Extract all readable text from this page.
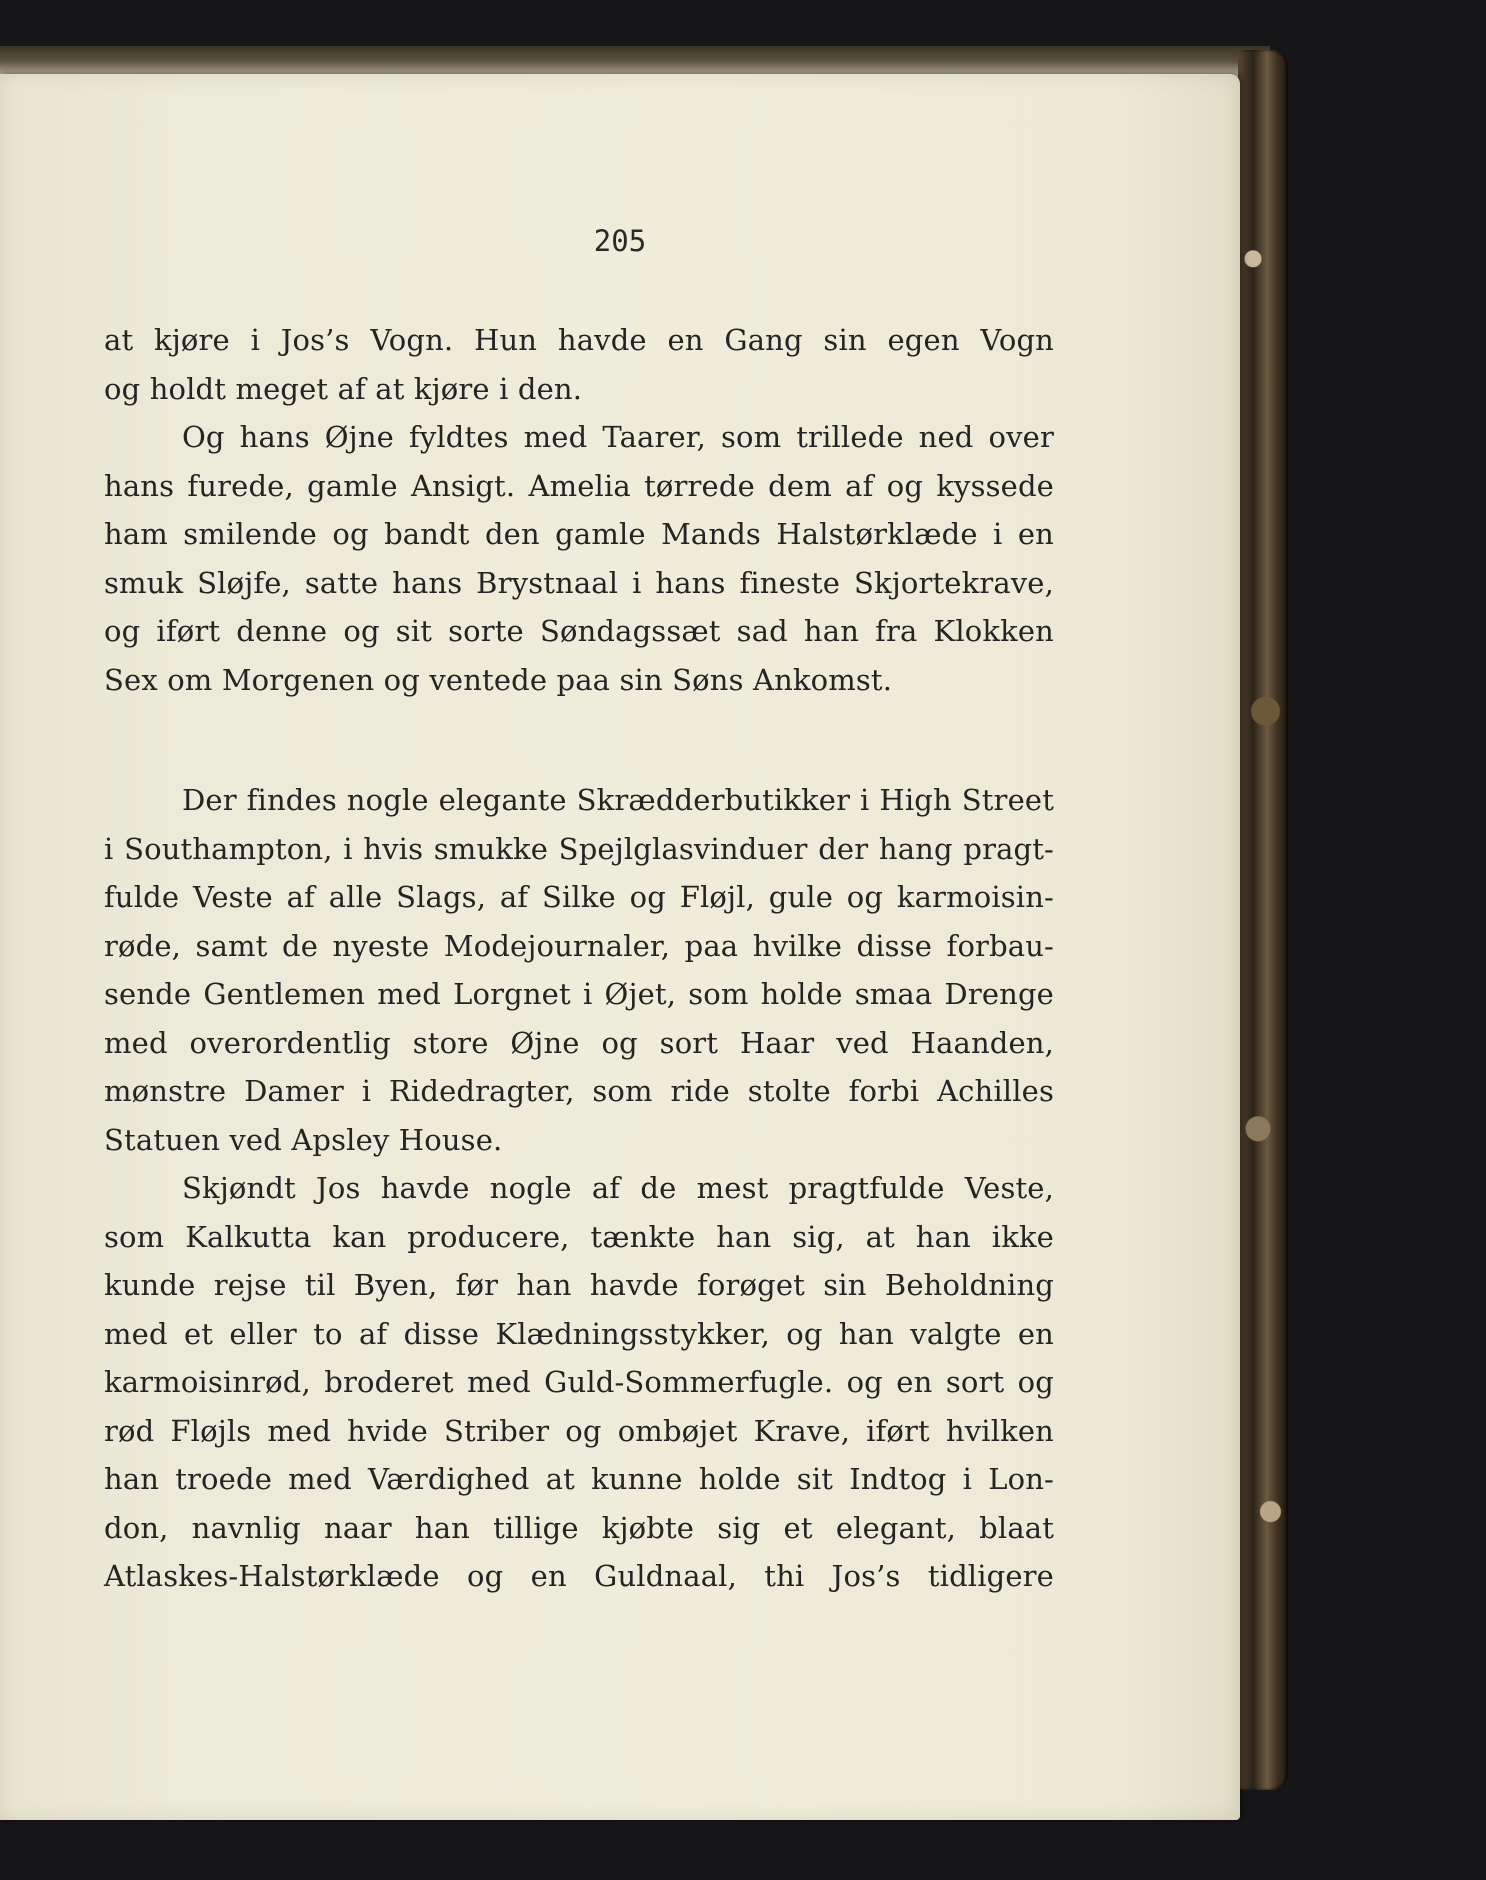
205
at kjøre i Jos’s Vogn. Hun havde en Gang sin egen Vogn
og holdt meget af at kjøre i den.
Og hans Øjne fyldtes med Taarer, som trillede ned over
hans furede, gamle Ansigt. Amelia tørrede dem af og kyssede
ham smilende og bandt den gamle Mands Halstørklæde i en
smuk Sløjfe, satte hans Brystnaal i hans fineste Skjortekrave,
og iført denne og sit sorte Søndagssæt sad han fra Klokken
Sex om Morgenen og ventede paa sin Søns Ankomst.
Der findes nogle elegante Skrædderbutikker i High Street
i Southampton, i hvis smukke Spejlglasvinduer der hang pragt-
fulde Veste af alle Slags, af Silke og Fløjl, gule og karmoisin-
røde, samt de nyeste Modejournaler, paa hvilke disse forbau-
sende Gentlemen med Lorgnet i Øjet, som holde smaa Drenge
med overordentlig store Øjne og sort Haar ved Haanden,
mønstre Damer i Ridedragter, som ride stolte forbi Achilles
Statuen ved Apsley House.
Skjøndt Jos havde nogle af de mest pragtfulde Veste,
som Kalkutta kan producere, tænkte han sig, at han ikke
kunde rejse til Byen, før han havde forøget sin Beholdning
med et eller to af disse Klædningsstykker, og han valgte en
karmoisinrød, broderet med Guld-Sommerfugle. og en sort og
rød Fløjls med hvide Striber og ombøjet Krave, iført hvilken
han troede med Værdighed at kunne holde sit Indtog i Lon-
don, navnlig naar han tillige kjøbte sig et elegant, blaat
Atlaskes-Halstørklæde og en Guldnaal, thi Jos’s tidligere
